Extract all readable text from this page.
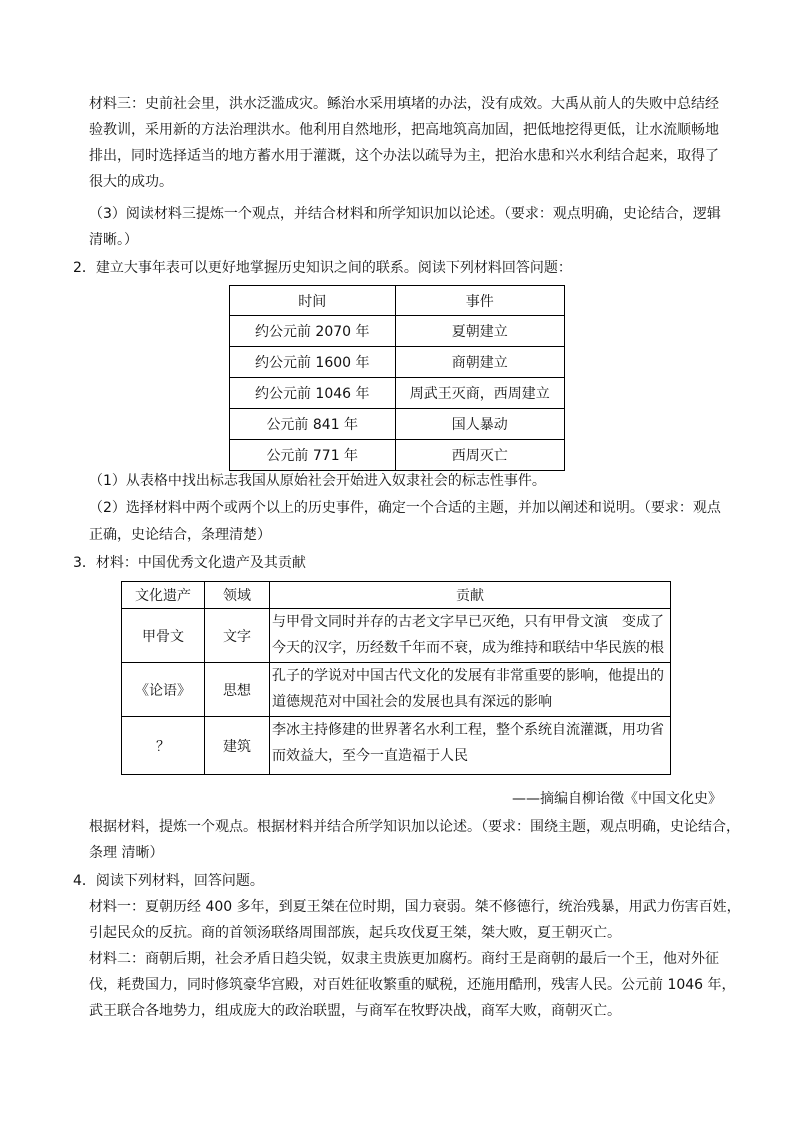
材料三：史前社会里，洪水泛滥成灾。鲧治水采用填堵的办法，没有成效。大禹从前人的失败中总结经
验教训，采用新的方法治理洪水。他利用自然地形，把高地筑高加固，把低地挖得更低，让水流顺畅地
排出，同时选择适当的地方蓄水用于灌溉，这个办法以疏导为主，把治水患和兴水利结合起来，取得了
很大的成功。
（3）阅读材料三提炼一个观点，并结合材料和所学知识加以论述。（要求：观点明确，史论结合，逻辑
清晰。）
2．建立大事年表可以更好地掌握历史知识之间的联系。阅读下列材料回答问题：
时间	事件
约公元前 2070 年	夏朝建立
约公元前 1600 年	商朝建立
约公元前 1046 年	周武王灭商，西周建立
公元前 841 年	国人暴动
公元前 771 年	西周灭亡
（1）从表格中找出标志我国从原始社会开始进入奴隶社会的标志性事件。
（2）选择材料中两个或两个以上的历史事件，确定一个合适的主题，并加以阐述和说明。（要求：观点
正确，史论结合，条理清楚）
3．材料：中国优秀文化遗产及其贡献
文化遗产	领域	贡献
甲骨文	文字	与甲骨文同时并存的古老文字早已灭绝，只有甲骨文演　变成了
今天的汉字，历经数千年而不衰，成为维持和联结中华民族的根

《论语》	思想	孔子的学说对中国古代文化的发展有非常重要的影响，他提出的
道德规范对中国社会的发展也具有深远的影响

？	建筑	李冰主持修建的世界著名水利工程，整个系统自流灌溉，用功省
而效益大，至今一直造福于人民
——摘编自柳诒徵《中国文化史》
根据材料，提炼一个观点。根据材料并结合所学知识加以论述。（要求：围绕主题，观点明确，史论结合，
条理 清晰）
4．阅读下列材料，回答问题。
材料一：夏朝历经 400 多年，到夏王桀在位时期，国力衰弱。桀不修德行，统治残暴，用武力伤害百姓，
引起民众的反抗。商的首领汤联络周围部族，起兵攻伐夏王桀，桀大败，夏王朝灭亡。
材料二：商朝后期，社会矛盾日趋尖锐，奴隶主贵族更加腐朽。商纣王是商朝的最后一个王，他对外征
伐，耗费国力，同时修筑豪华宫殿，对百姓征收繁重的赋税，还施用酷刑，残害人民。公元前 1046 年，
武王联合各地势力，组成庞大的政治联盟，与商军在牧野决战，商军大败，商朝灭亡。
